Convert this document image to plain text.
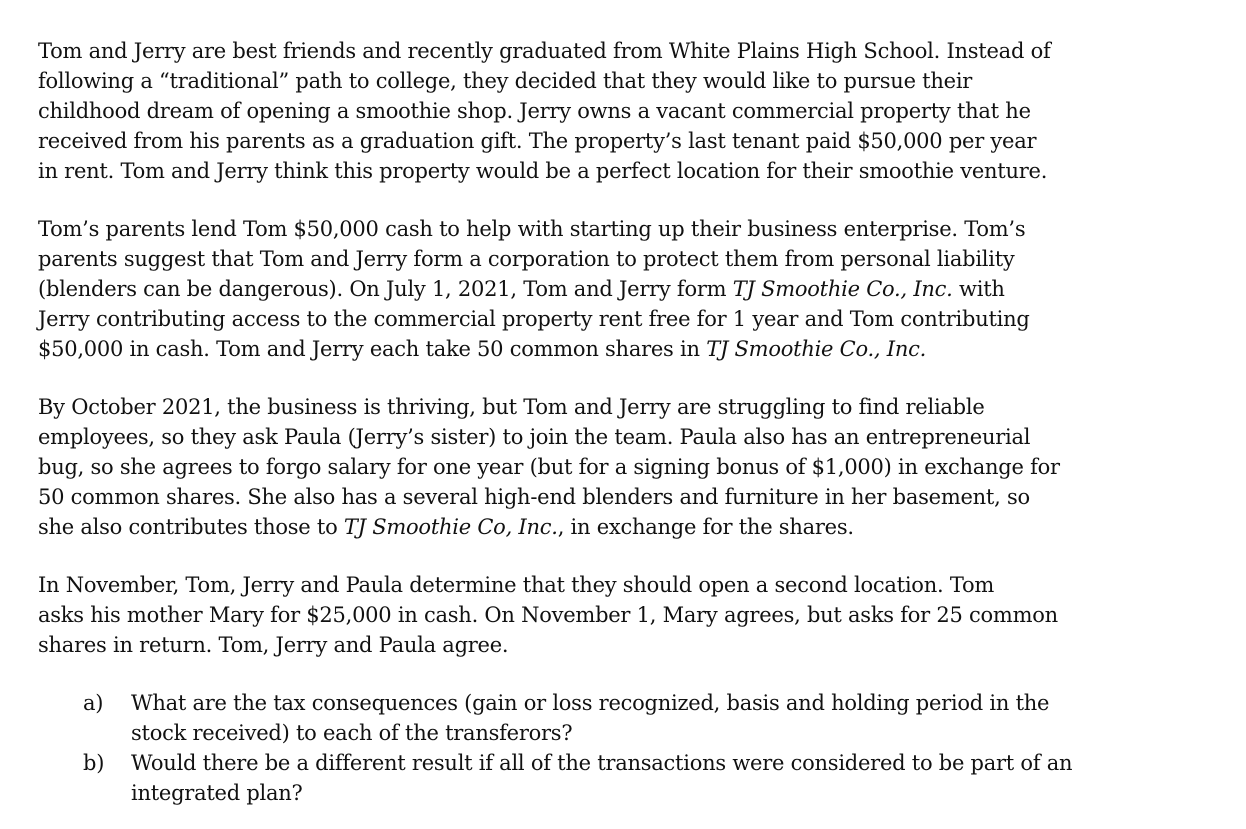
Tom and Jerry are best friends and recently graduated from White Plains High School. Instead of
following a “traditional” path to college, they decided that they would like to pursue their
childhood dream of opening a smoothie shop. Jerry owns a vacant commercial property that he
received from his parents as a graduation gift. The property’s last tenant paid $50,000 per year
in rent. Tom and Jerry think this property would be a perfect location for their smoothie venture.

Tom’s parents lend Tom $50,000 cash to help with starting up their business enterprise. Tom’s
parents suggest that Tom and Jerry form a corporation to protect them from personal liability
(blenders can be dangerous). On July 1, 2021, Tom and Jerry form TJ Smoothie Co., Inc. with
Jerry contributing access to the commercial property rent free for 1 year and Tom contributing
$50,000 in cash. Tom and Jerry each take 50 common shares in TJ Smoothie Co., Inc.

By October 2021, the business is thriving, but Tom and Jerry are struggling to find reliable
employees, so they ask Paula (Jerry’s sister) to join the team. Paula also has an entrepreneurial
bug, so she agrees to forgo salary for one year (but for a signing bonus of $1,000) in exchange for
50 common shares. She also has a several high-end blenders and furniture in her basement, so
she also contributes those to TJ Smoothie Co, Inc., in exchange for the shares.

In November, Tom, Jerry and Paula determine that they should open a second location. Tom
asks his mother Mary for $25,000 in cash. On November 1, Mary agrees, but asks for 25 common
shares in return. Tom, Jerry and Paula agree.

a) What are the tax consequences (gain or loss recognized, basis and holding period in the
stock received) to each of the transferors?
b) Would there be a different result if all of the transactions were considered to be part of an
integrated plan?
